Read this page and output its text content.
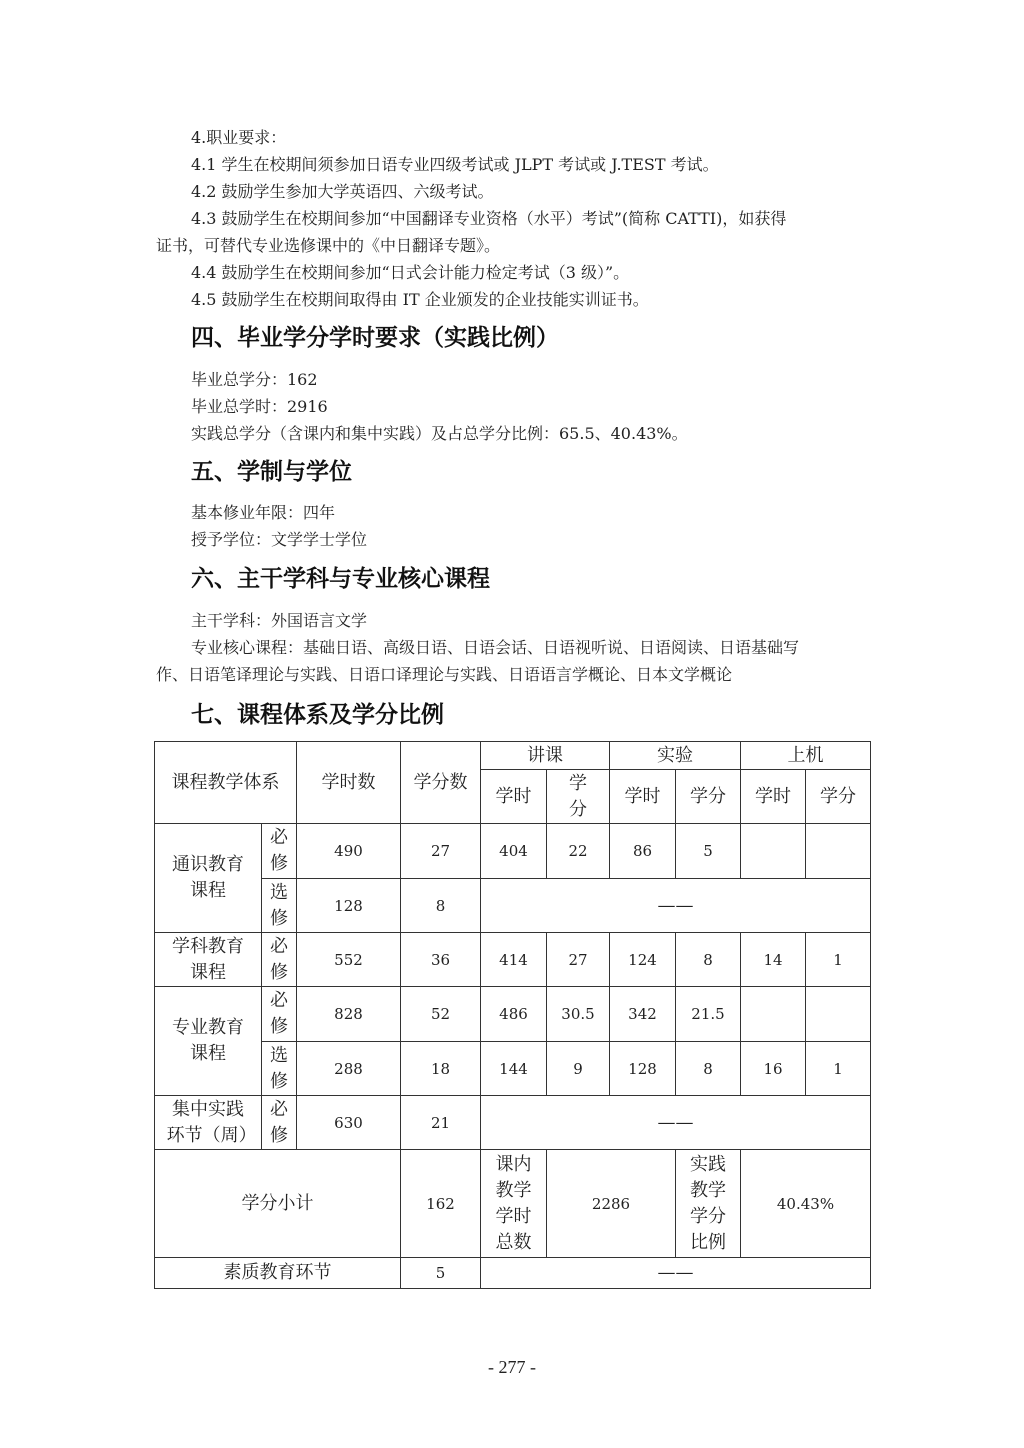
4.职业要求：
4.1 学生在校期间须参加日语专业四级考试或 JLPT 考试或 J.TEST 考试。
4.2 鼓励学生参加大学英语四、六级考试。
4.3 鼓励学生在校期间参加“中国翻译专业资格（水平）考试”(简称 CATTI)，如获得
证书，可替代专业选修课中的《中日翻译专题》。
4.4 鼓励学生在校期间参加“日式会计能力检定考试（3 级）”。
4.5 鼓励学生在校期间取得由 IT 企业颁发的企业技能实训证书。
四、毕业学分学时要求（实践比例）
毕业总学分：162
毕业总学时：2916
实践总学分（含课内和集中实践）及占总学分比例：65.5、40.43%。
五、学制与学位
基本修业年限：四年
授予学位：文学学士学位
六、主干学科与专业核心课程
主干学科：外国语言文学
专业核心课程：基础日语、高级日语、日语会话、日语视听说、日语阅读、日语基础写
作、日语笔译理论与实践、日语口译理论与实践、日语语言学概论、日本文学概论
七、课程体系及学分比例
课程教学体系		学时数	学分数	讲课		实验		上机	
				学时	学分	学时	学分	学时	学分

通识教育课程	必修	490	27	404	22	86	5		

	选修	128	8	——					

学科教育课程	必修	552	36	414	27	124	8	14	1

专业教育课程	必修	828	52	486	30.5	342	21.5		

	选修	288	18	144	9	128	8	16	1

集中实践环节（周）	必修	630	21	——					
学分小计			162	课内教学学时总数	2286		实践教学学分比例	40.43%	
素质教育环节			5	——					
- 277 -
